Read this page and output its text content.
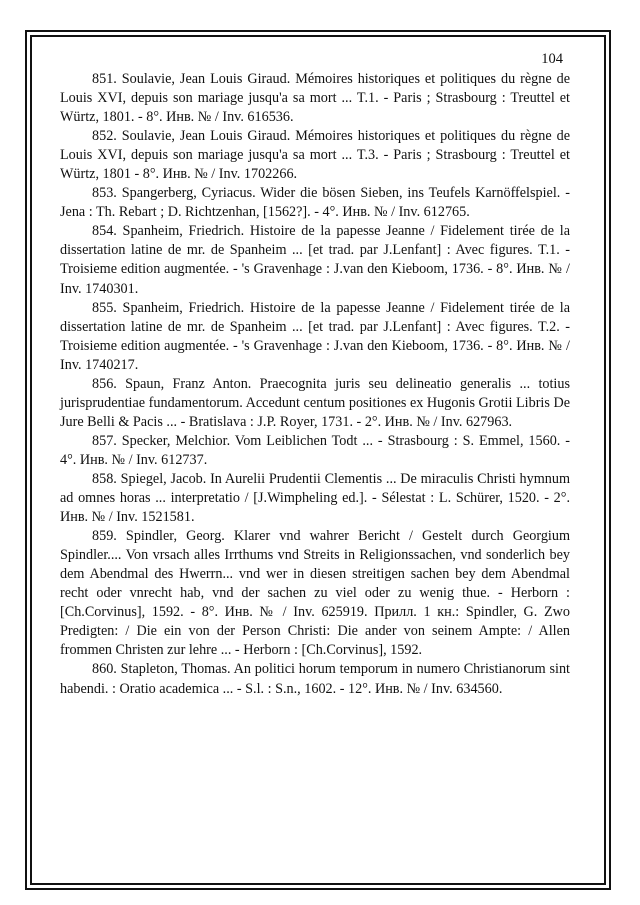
104

851. Soulavie, Jean Louis Giraud. Mémoires historiques et politiques du règne de Louis XVI, depuis son mariage jusqu'a sa mort ... T.1. - Paris ; Strasbourg : Treuttel et Würtz, 1801. - 8°. Инв. № / Inv. 616536.

852. Soulavie, Jean Louis Giraud. Mémoires historiques et politiques du règne de Louis XVI, depuis son mariage jusqu'a sa mort ... T.3. - Paris ; Strasbourg : Treuttel et Würtz, 1801 - 8°. Инв. № / Inv. 1702266.

853. Spangerberg, Cyriacus. Wider die bösen Sieben, ins Teufels Karnöffelspiel. - Jena : Th. Rebart ; D. Richtzenhan, [1562?]. - 4°. Инв. № / Inv. 612765.

854. Spanheim, Friedrich. Histoire de la papesse Jeanne / Fidelement tirée de la dissertation latine de mr. de Spanheim ... [et trad. par J.Lenfant] : Avec figures. T.1. - Troisieme edition augmentée. - 's Gravenhage : J.van den Kieboom, 1736. - 8°. Инв. № / Inv. 1740301.

855. Spanheim, Friedrich. Histoire de la papesse Jeanne / Fidelement tirée de la dissertation latine de mr. de Spanheim ... [et trad. par J.Lenfant] : Avec figures. T.2. - Troisieme edition augmentée. - 's Gravenhage : J.van den Kieboom, 1736. - 8°. Инв. № / Inv. 1740217.

856. Spaun, Franz Anton. Praecognita juris seu delineatio generalis ... totius jurisprudentiae fundamentorum. Accedunt centum positiones ex Hugonis Grotii Libris De Jure Belli & Pacis ... - Bratislava : J.P. Royer, 1731. - 2°. Инв. № / Inv. 627963.

857. Specker, Melchior. Vom Leiblichen Todt ... - Strasbourg : S. Emmel, 1560. - 4°. Инв. № / Inv. 612737.

858. Spiegel, Jacob. In Aurelii Prudentii Clementis ... De miraculis Christi hymnum ad omnes horas ... interpretatio / [J.Wimpheling ed.]. - Sélestat : L. Schürer, 1520. - 2°. Инв. № / Inv. 1521581.

859. Spindler, Georg. Klarer vnd wahrer Bericht / Gestelt durch Georgium Spindler.... Von vrsach alles Irrthums vnd Streits in Religionssachen, vnd sonderlich bey dem Abendmal des Hwerrn... vnd wer in diesen streitigen sachen bey dem Abendmal recht oder vnrecht hab, vnd der sachen zu viel oder zu wenig thue. - Herborn : [Ch.Corvinus], 1592. - 8°. Инв. № / Inv. 625919. Прилл. 1 кн.: Spindler, G. Zwo Predigten: / Die ein von der Person Christi: Die ander von seinem Ampte: / Allen frommen Christen zur lehre ... - Herborn : [Ch.Corvinus], 1592.

860. Stapleton, Thomas. An politici horum temporum in numero Christianorum sint habendi. : Oratio academica ... - S.l. : S.n., 1602. - 12°. Инв. № / Inv. 634560.
